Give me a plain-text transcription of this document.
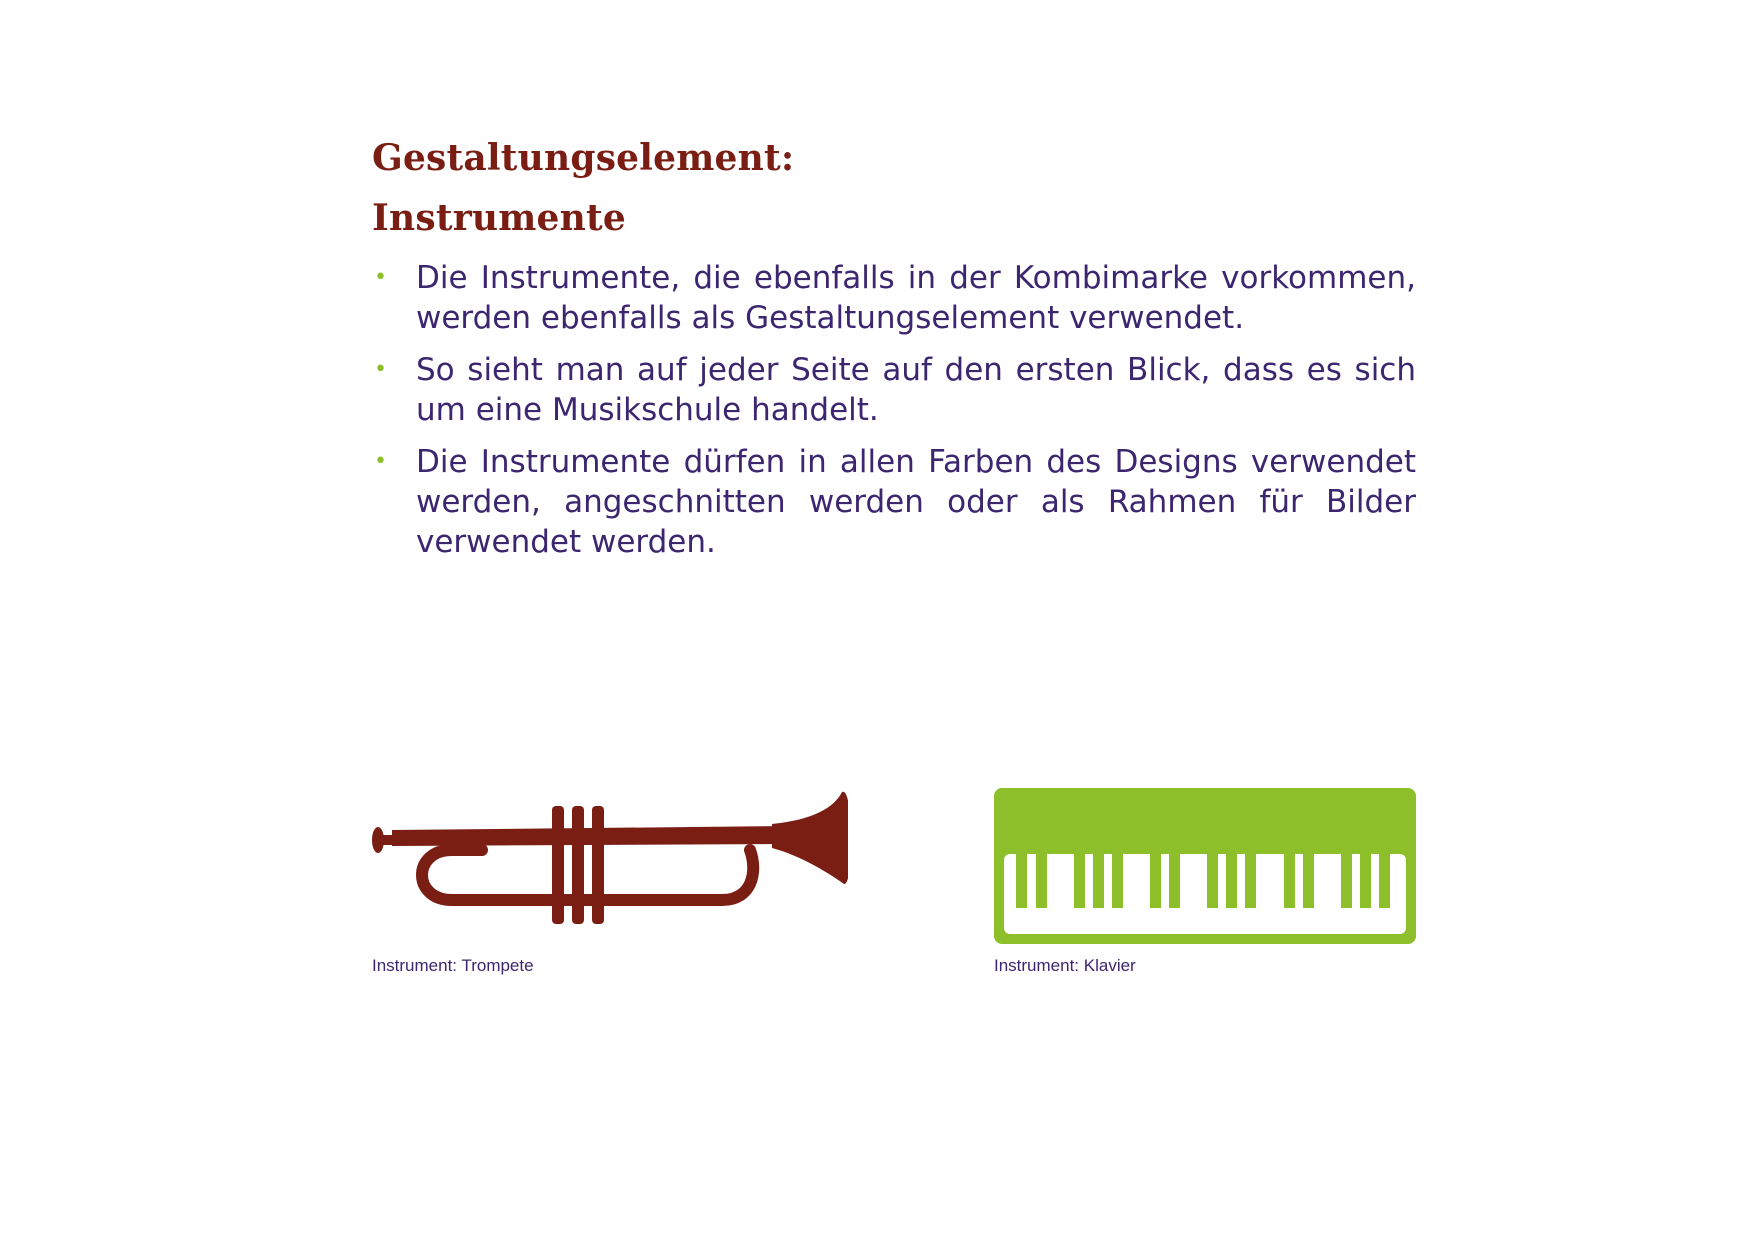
Gestaltungselement:
Instrumente
• Die Instrumente, die ebenfalls in der Kombimarke vorkommen, werden ebenfalls als Gestaltungselement verwendet.
• So sieht man auf jeder Seite auf den ersten Blick, dass es sich um eine Musikschule handelt.
• Die Instrumente dürfen in allen Farben des Designs verwendet werden, angeschnitten werden oder als Rahmen für Bilder verwendet werden.

Instrument: Trompete	Instrument: Klavier
